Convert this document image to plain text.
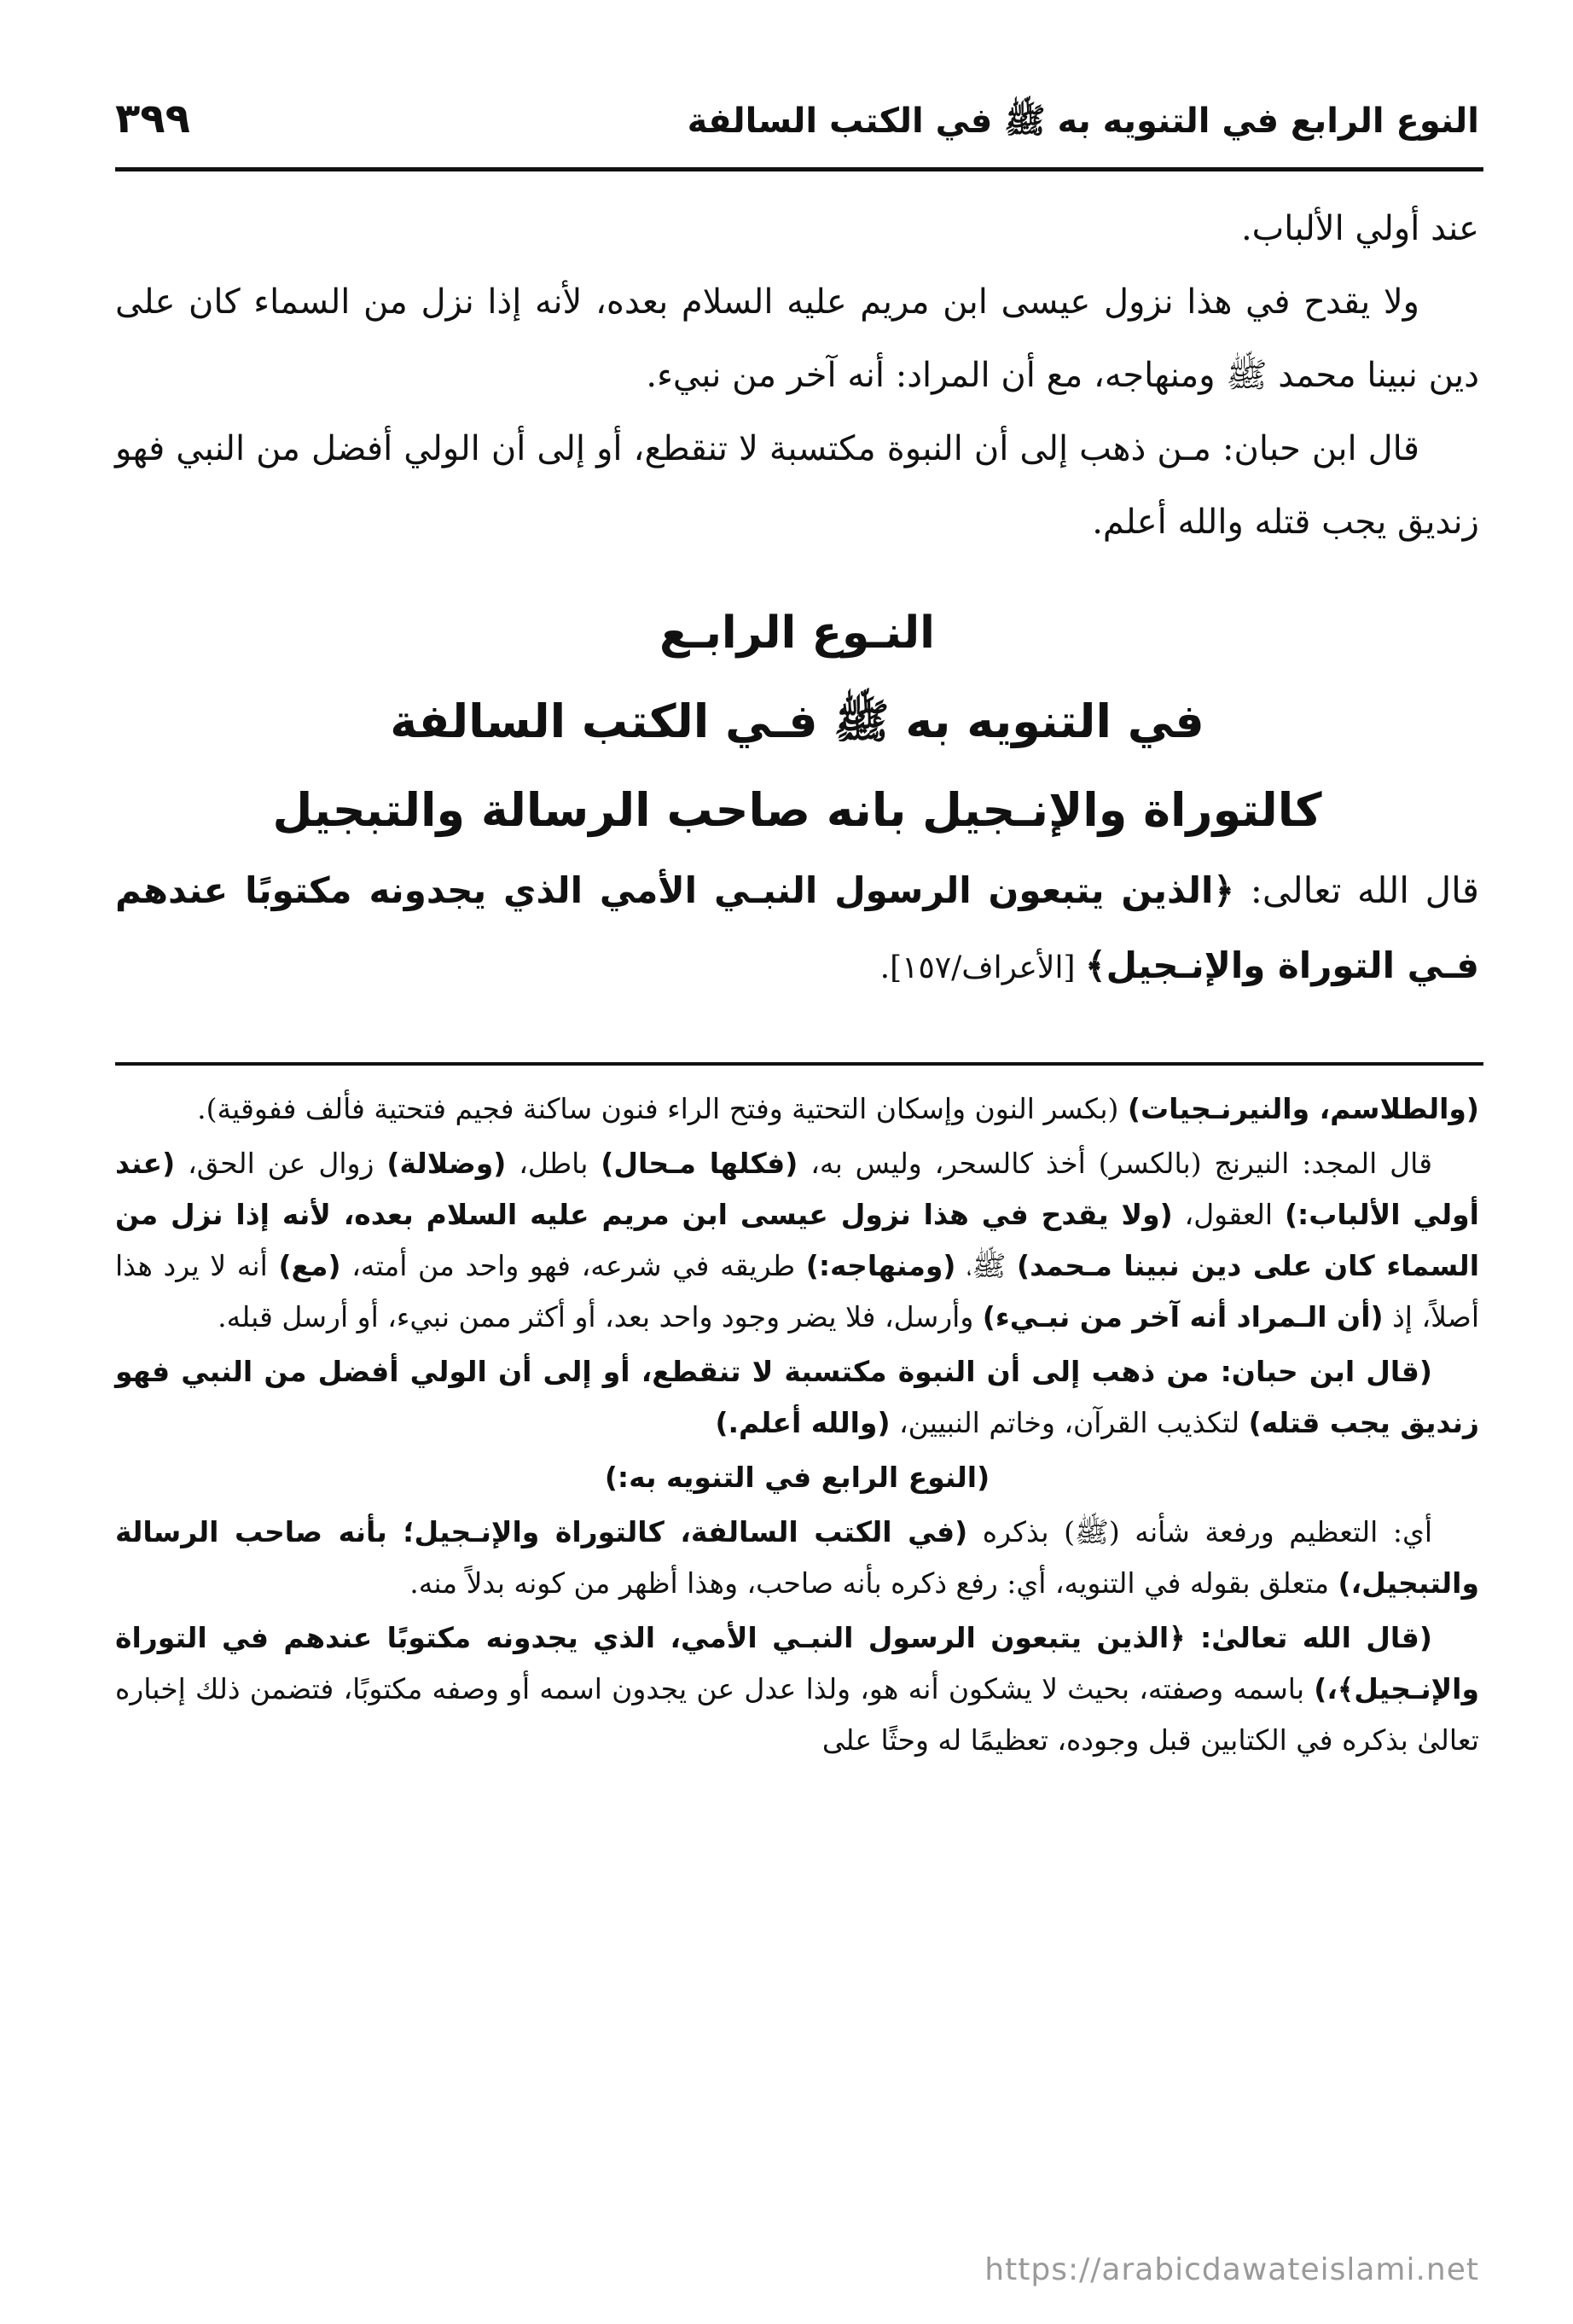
النوع الرابع في التنويه به ﷺ في الكتب السالفة
٣٩٩

عند أولي الألباب.

ولا يقدح في هذا نزول عيسى ابن مريم عليه السلام بعده، لأنه إذا نزل من السماء كان على دين نبينا محمد ﷺ ومنهاجه، مع أن المراد: أنه آخر من نبيء.

قال ابن حبان: مـن ذهب إلى أن النبوة مكتسبة لا تنقطع، أو إلى أن الولي أفضل من النبي فهو زنديق يجب قتله والله أعلم.

النـوع الرابـع
في التنويه به ﷺ فـي الكتب السالفة
كالتوراة والإنـجيل بانه صاحب الرسالة والتبجيل
قال الله تعالى: ﴿الذين يتبعون الرسول النبـي الأمي الذي يجدونه مكتوبًا عندهم فـي التوراة والإنـجيل﴾ [الأعراف/١٥٧].

(والطلاسم، والنيرنـجيات) (بكسر النون وإسكان التحتية وفتح الراء فنون ساكنة فجيم فتحتية فألف ففوقية).

قال المجد: النيرنج (بالكسر) أخذ كالسحر، وليس به، (فكلها مـحال) باطل، (وضلالة) زوال عن الحق، (عند أولي الألباب:) العقول، (ولا يقدح في هذا نزول عيسى ابن مريم عليه السلام بعده، لأنه إذا نزل من السماء كان على دين نبينا مـحمد) ﷺ، (ومنهاجه:) طريقه في شرعه، فهو واحد من أمته، (مع) أنه لا يرد هذا أصلاً، إذ (أن الـمراد أنه آخر من نبـيء) وأرسل، فلا يضر وجود واحد بعد، أو أكثر ممن نبيء، أو أرسل قبله.

(قال ابن حبان: من ذهب إلى أن النبوة مكتسبة لا تنقطع، أو إلى أن الولي أفضل من النبي فهو زنديق يجب قتله) لتكذيب القرآن، وخاتم النبيين، (والله أعلم.)

(النوع الرابع في التنويه به:)

أي: التعظيم ورفعة شأنه (ﷺ) بذكره (في الكتب السالفة، كالتوراة والإنـجيل؛ بأنه صاحب الرسالة والتبجيل،) متعلق بقوله في التنويه، أي: رفع ذكره بأنه صاحب، وهذا أظهر من كونه بدلاً منه.

(قال الله تعالىٰ: ﴿الذين يتبعون الرسول النبـي الأمي، الذي يجدونه مكتوبًا عندهم في التوراة والإنـجيل﴾،) باسمه وصفته، بحيث لا يشكون أنه هو، ولذا عدل عن يجدون اسمه أو وصفه مكتوبًا، فتضمن ذلك إخباره تعالىٰ بذكره في الكتابين قبل وجوده، تعظيمًا له وحثًا على

https://arabicdawateislami.net
